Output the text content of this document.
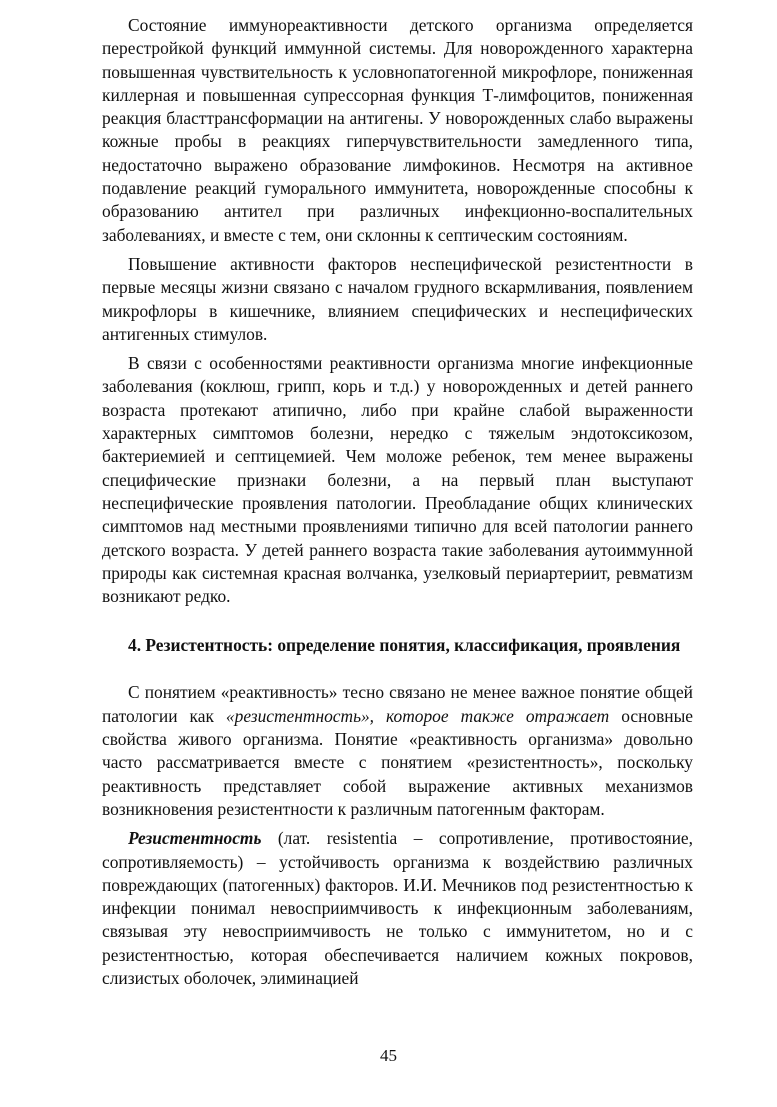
Состояние иммунореактивности детского организма определяется перестройкой функций иммунной системы. Для новорожденного характерна повышенная чувствительность к условнопатогенной микрофлоре, пониженная киллерная и повышенная супрессорная функция Т-лимфоцитов, пониженная реакция бласттрансформации на антигены. У новорожденных слабо выражены кожные пробы в реакциях гиперчувствительности замедленного типа, недостаточно выражено образование лимфокинов. Несмотря на активное подавление реакций гуморального иммунитета, новорожденные способны к образованию антител при различных инфекционно-воспалительных заболеваниях, и вместе с тем, они склонны к септическим состояниям.

Повышение активности факторов неспецифической резистентности в первые месяцы жизни связано с началом грудного вскармливания, появлением микрофлоры в кишечнике, влиянием специфических и неспецифических антигенных стимулов.

В связи с особенностями реактивности организма многие инфекционные заболевания (коклюш, грипп, корь и т.д.) у новорожденных и детей раннего возраста протекают атипично, либо при крайне слабой выраженности характерных симптомов болезни, нередко с тяжелым эндотоксикозом, бактериемией и септицемией. Чем моложе ребенок, тем менее выражены специфические признаки болезни, а на первый план выступают неспецифические проявления патологии. Преобладание общих клинических симптомов над местными проявлениями типично для всей патологии раннего детского возраста. У детей раннего возраста такие заболевания аутоиммунной природы как системная красная волчанка, узелковый периартериит, ревматизм возникают редко.

4. Резистентность: определение понятия, классификация, проявления

С понятием «реактивность» тесно связано не менее важное понятие общей патологии как «резистентность», которое также отражает основные свойства живого организма. Понятие «реактивность организма» довольно часто рассматривается вместе с понятием «резистентность», поскольку реактивность представляет собой выражение активных механизмов возникновения резистентности к различным патогенным факторам.

Резистентность (лат. resistentia – сопротивление, противостояние, сопротивляемость) – устойчивость организма к воздействию различных повреждающих (патогенных) факторов. И.И. Мечников под резистентностью к инфекции понимал невосприимчивость к инфекционным заболеваниям, связывая эту невосприимчивость не только с иммунитетом, но и с резистентностью, которая обеспечивается наличием кожных покровов, слизистых оболочек, элиминацией

45
